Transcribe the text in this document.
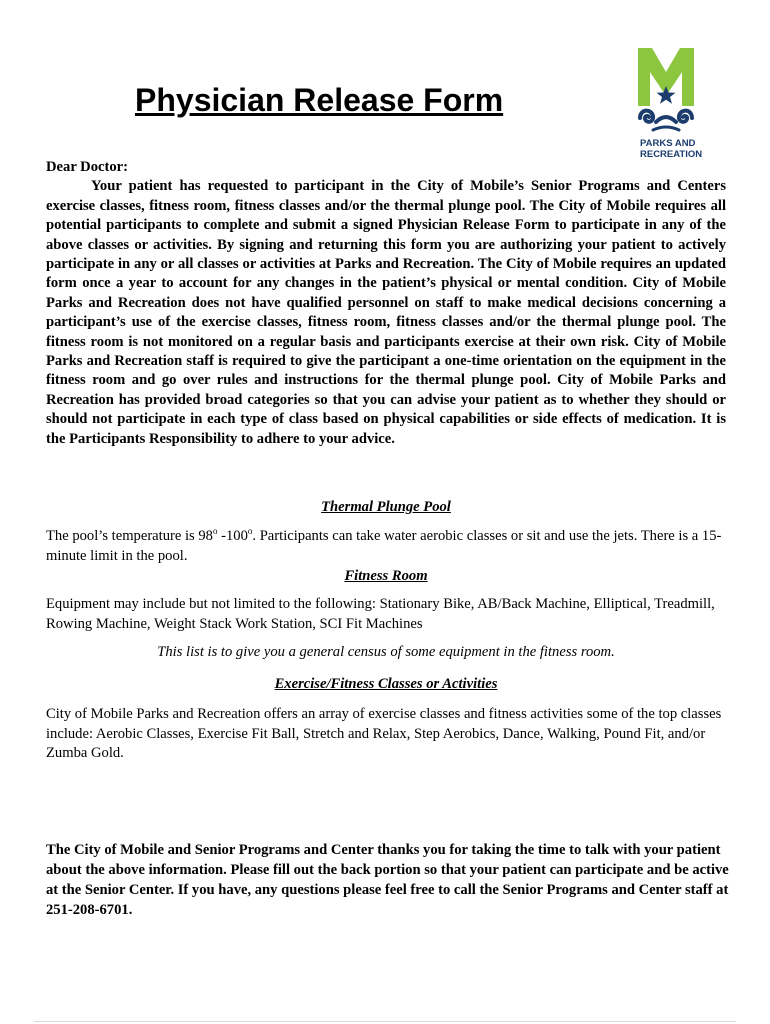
Physician Release Form
PARKS AND
RECREATION

Dear Doctor:

Your patient has requested to participant in the City of Mobile’s Senior Programs and Centers exercise classes, fitness room, fitness classes and/or the thermal plunge pool. The City of Mobile requires all potential participants to complete and submit a signed Physician Release Form to participate in any of the above classes or activities. By signing and returning this form you are authorizing your patient to actively participate in any or all classes or activities at Parks and Recreation. The City of Mobile requires an updated form once a year to account for any changes in the patient’s physical or mental condition. City of Mobile Parks and Recreation does not have qualified personnel on staff to make medical decisions concerning a participant’s use of the exercise classes, fitness room, fitness classes and/or the thermal plunge pool. The fitness room is not monitored on a regular basis and participants exercise at their own risk. City of Mobile Parks and Recreation staff is required to give the participant a one-time orientation on the equipment in the fitness room and go over rules and instructions for the thermal plunge pool. City of Mobile Parks and Recreation has provided broad categories so that you can advise your patient as to whether they should or should not participate in each type of class based on physical capabilities or side effects of medication. It is the Participants Responsibility to adhere to your advice.

Thermal Plunge Pool

The pool’s temperature is 98$^o$ -100$^o$. Participants can take water aerobic classes or sit and use the jets. There is a 15-minute limit in the pool.

Fitness Room

Equipment may include but not limited to the following: Stationary Bike, AB/Back Machine, Elliptical, Treadmill, Rowing Machine, Weight Stack Work Station, SCI Fit Machines

This list is to give you a general census of some equipment in the fitness room.

Exercise/Fitness Classes or Activities

City of Mobile Parks and Recreation offers an array of exercise classes and fitness activities some of the top classes include: Aerobic Classes, Exercise Fit Ball, Stretch and Relax, Step Aerobics, Dance, Walking, Pound Fit, and/or Zumba Gold.

The City of Mobile and Senior Programs and Center thanks you for taking the time to talk with your patient about the above information. Please fill out the back portion so that your patient can participate and be active at the Senior Center. If you have, any questions please feel free to call the Senior Programs and Center staff at 251-208-6701.
